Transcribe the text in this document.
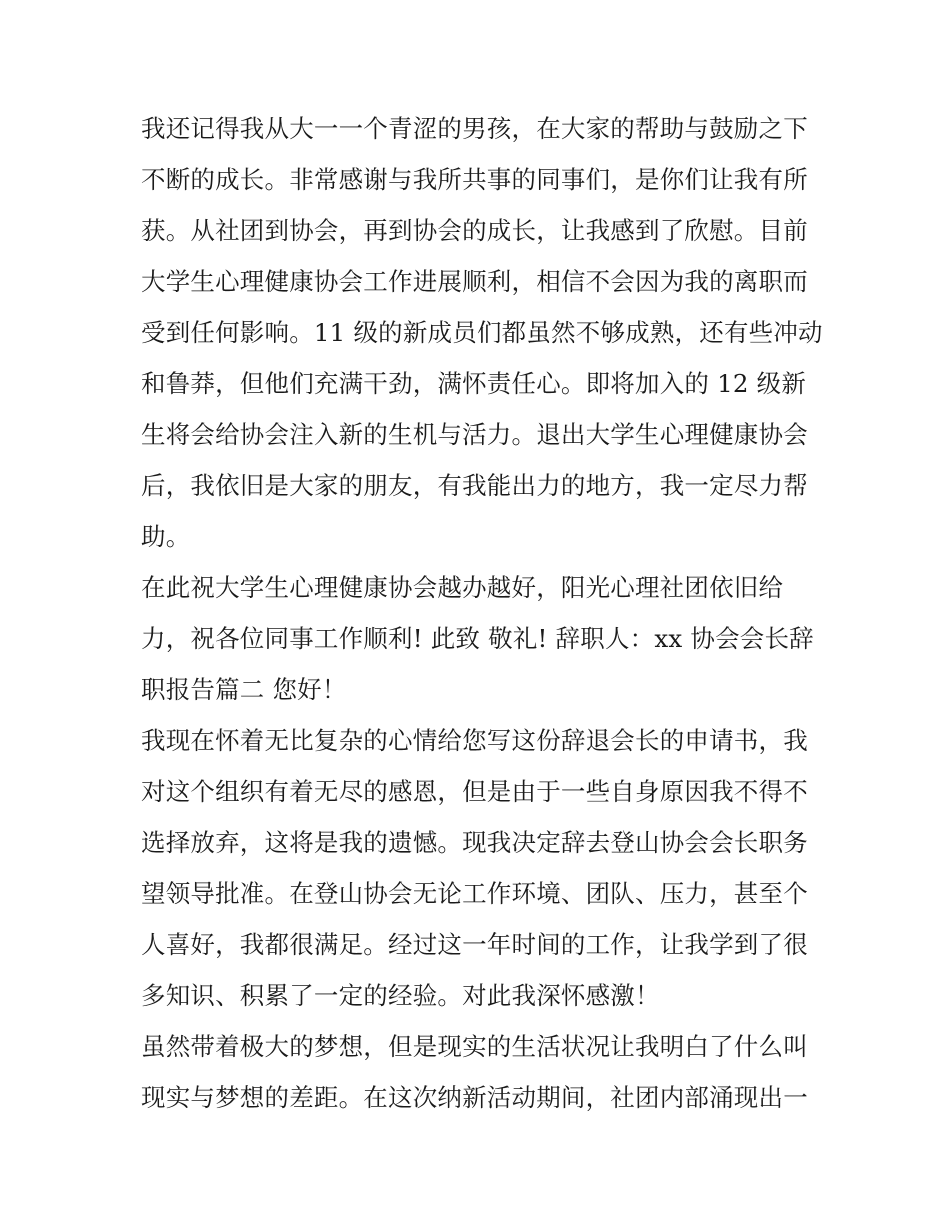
我还记得我从大一一个青涩的男孩，在大家的帮助与鼓励之下
不断的成长。非常感谢与我所共事的同事们，是你们让我有所
获。从社团到协会，再到协会的成长，让我感到了欣慰。目前
大学生心理健康协会工作进展顺利，相信不会因为我的离职而
受到任何影响。11 级的新成员们都虽然不够成熟，还有些冲动
和鲁莽，但他们充满干劲，满怀责任心。即将加入的 12 级新
生将会给协会注入新的生机与活力。退出大学生心理健康协会
后，我依旧是大家的朋友，有我能出力的地方，我一定尽力帮
助。
在此祝大学生心理健康协会越办越好，阳光心理社团依旧给
力，祝各位同事工作顺利! 此致 敬礼! 辞职人：xx 协会会长辞
职报告篇二 您好！
我现在怀着无比复杂的心情给您写这份辞退会长的申请书，我
对这个组织有着无尽的感恩，但是由于一些自身原因我不得不
选择放弃，这将是我的遗憾。现我决定辞去登山协会会长职务
望领导批准。在登山协会无论工作环境、团队、压力，甚至个
人喜好，我都很满足。经过这一年时间的工作，让我学到了很
多知识、积累了一定的经验。对此我深怀感激！
虽然带着极大的梦想，但是现实的生活状况让我明白了什么叫
现实与梦想的差距。在这次纳新活动期间，社团内部涌现出一
